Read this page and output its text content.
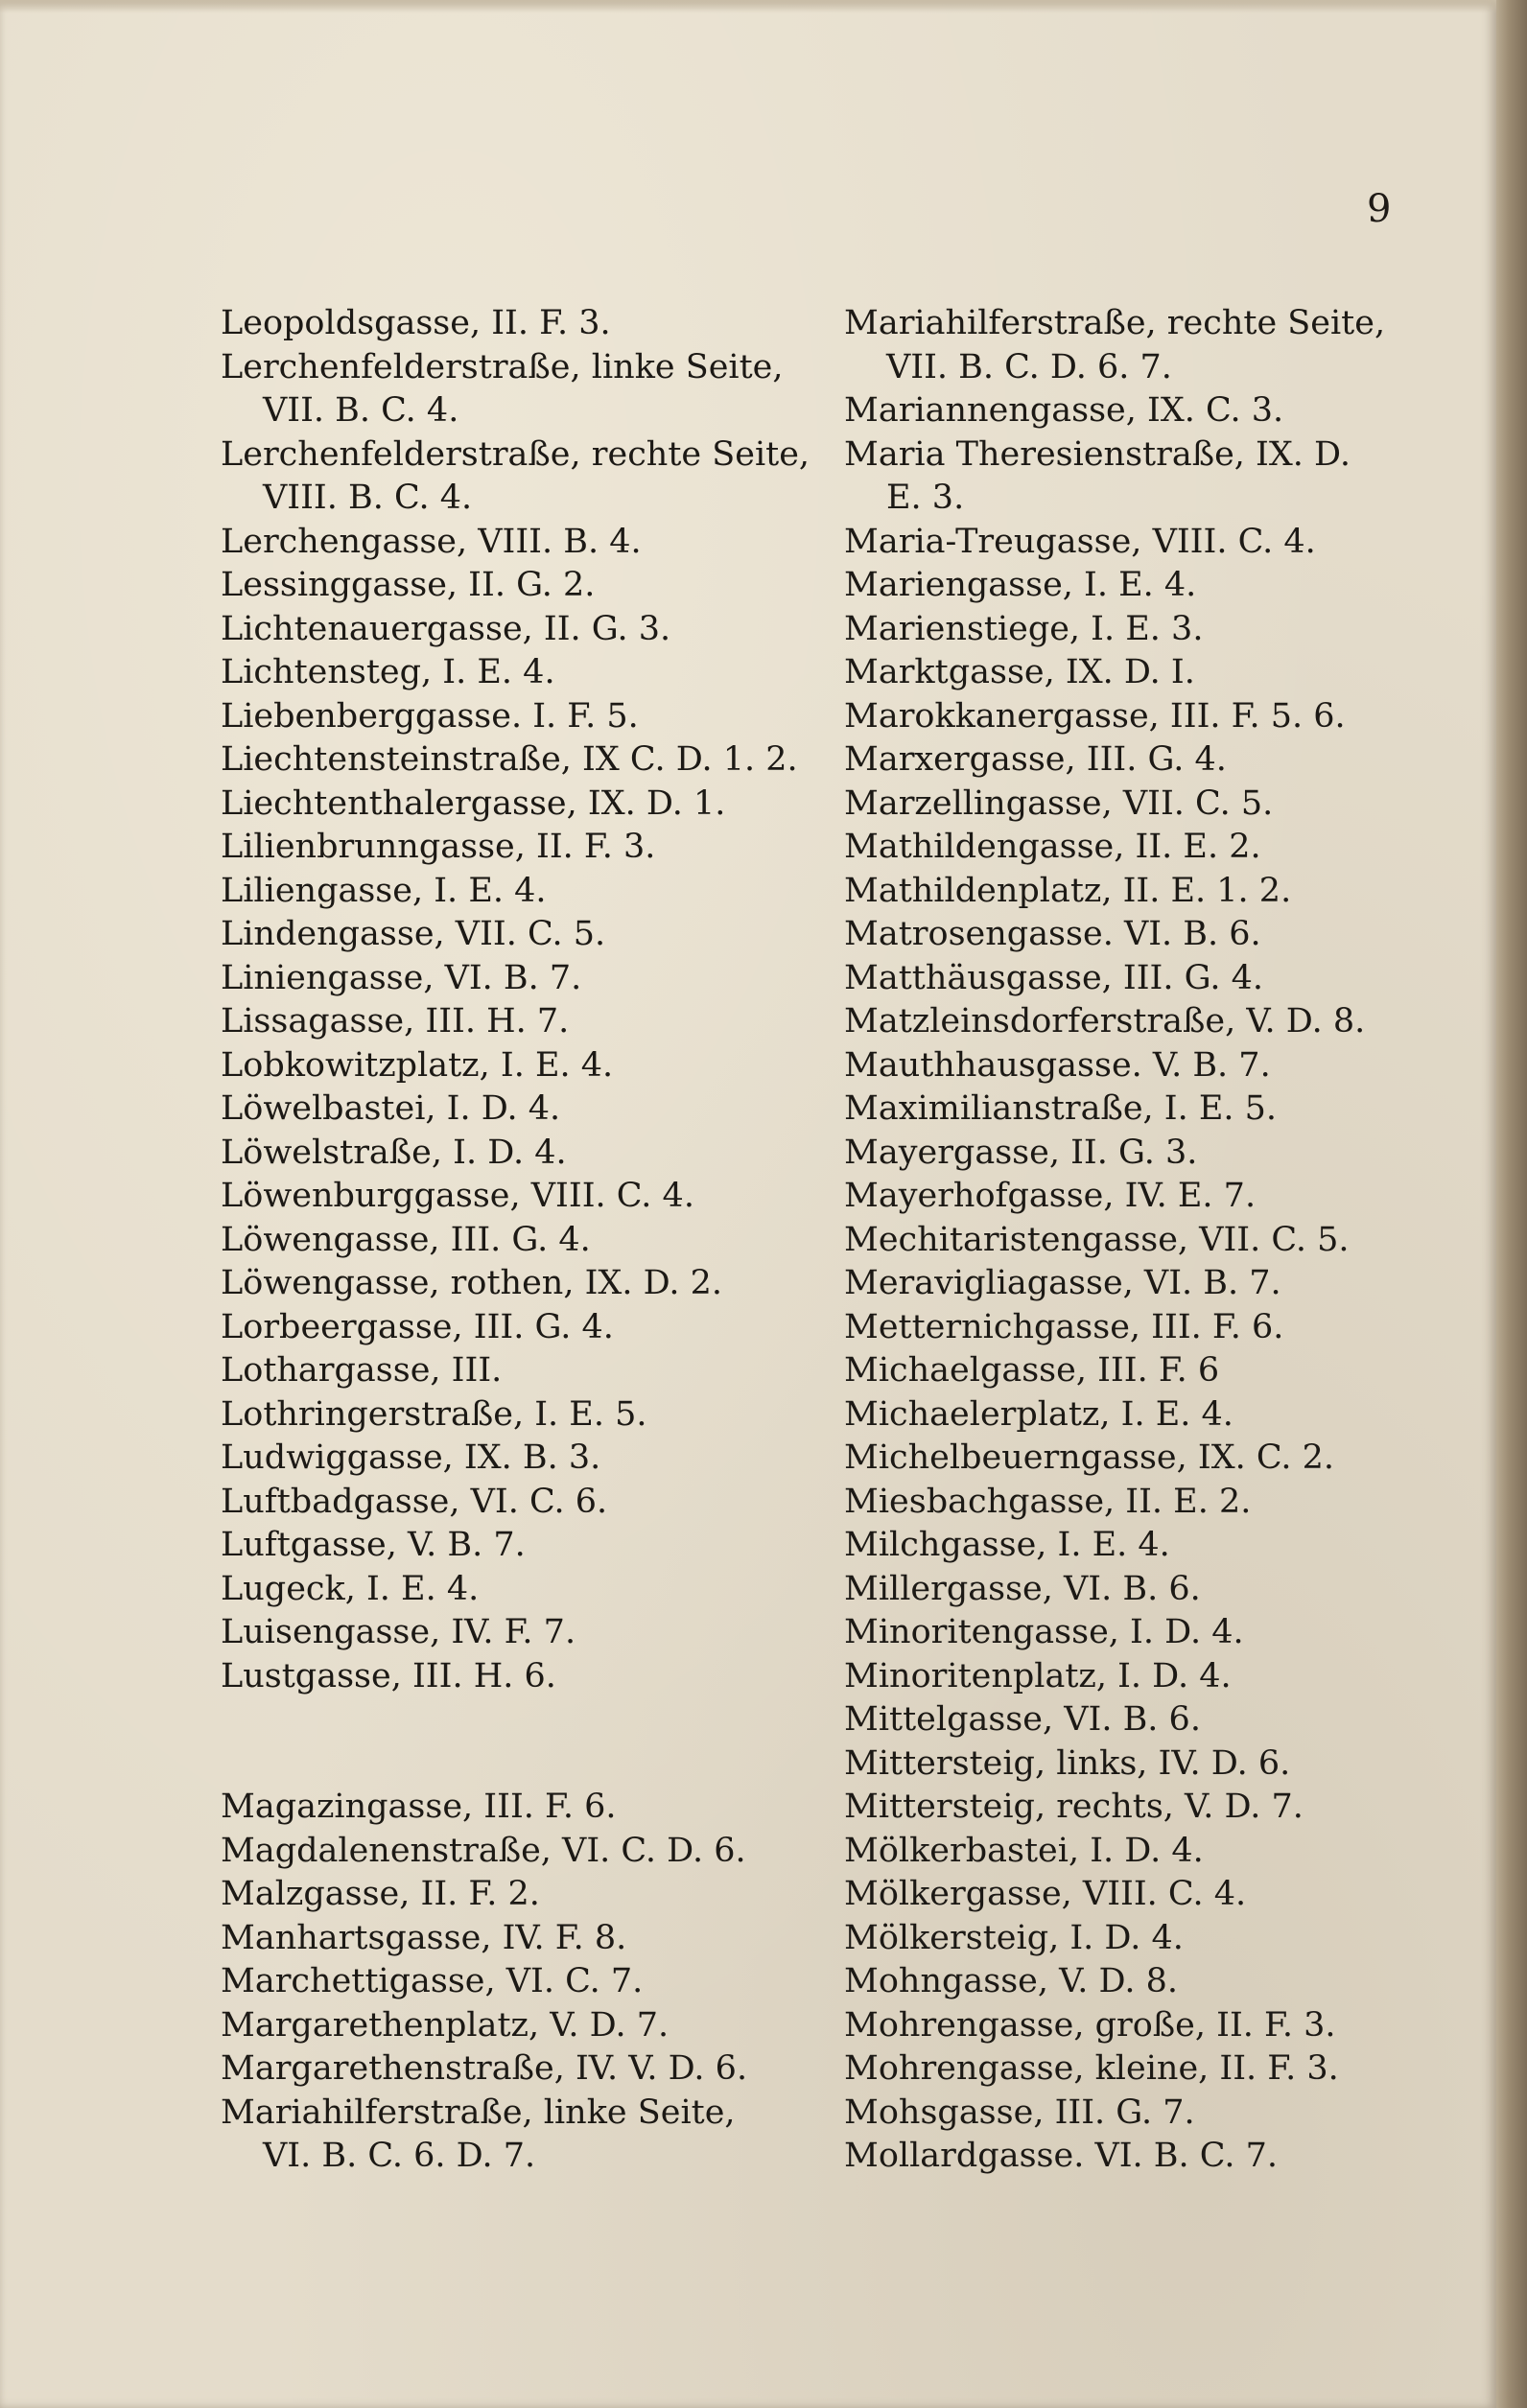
9
Leopoldsgasse, II. F. 3.
Lerchenfelderstraße, linke Seite,
VII. B. C. 4.
Lerchenfelderstraße, rechte Seite,
VIII. B. C. 4.
Lerchengasse, VIII. B. 4.
Lessinggasse, II. G. 2.
Lichtenauergasse, II. G. 3.
Lichtensteg, I. E. 4.
Liebenberggasse. I. F. 5.
Liechtensteinstraße, IX C. D. 1. 2.
Liechtenthalergasse, IX. D. 1.
Lilienbrunngasse, II. F. 3.
Liliengasse, I. E. 4.
Lindengasse, VII. C. 5.
Liniengasse, VI. B. 7.
Lissagasse, III. H. 7.
Lobkowitzplatz, I. E. 4.
Löwelbastei, I. D. 4.
Löwelstraße, I. D. 4.
Löwenburggasse, VIII. C. 4.
Löwengasse, III. G. 4.
Löwengasse, rothen, IX. D. 2.
Lorbeergasse, III. G. 4.
Lothargasse, III.
Lothringerstraße, I. E. 5.
Ludwiggasse, IX. B. 3.
Luftbadgasse, VI. C. 6.
Luftgasse, V. B. 7.
Lugeck, I. E. 4.
Luisengasse, IV. F. 7.
Lustgasse, III. H. 6.
Magazingasse, III. F. 6.
Magdalenenstraße, VI. C. D. 6.
Malzgasse, II. F. 2.
Manhartsgasse, IV. F. 8.
Marchettigasse, VI. C. 7.
Margarethenplatz, V. D. 7.
Margarethenstraße, IV. V. D. 6.
Mariahilferstraße, linke Seite,
VI. B. C. 6. D. 7.
Mariahilferstraße, rechte Seite,
VII. B. C. D. 6. 7.
Mariannengasse, IX. C. 3.
Maria Theresienstraße, IX. D.
E. 3.
Maria-Treugasse, VIII. C. 4.
Mariengasse, I. E. 4.
Marienstiege, I. E. 3.
Marktgasse, IX. D. I.
Marokkanergasse, III. F. 5. 6.
Marxergasse, III. G. 4.
Marzellingasse, VII. C. 5.
Mathildengasse, II. E. 2.
Mathildenplatz, II. E. 1. 2.
Matrosengasse. VI. B. 6.
Matthäusgasse, III. G. 4.
Matzleinsdorferstraße, V. D. 8.
Mauthhausgasse. V. B. 7.
Maximilianstraße, I. E. 5.
Mayergasse, II. G. 3.
Mayerhofgasse, IV. E. 7.
Mechitaristengasse, VII. C. 5.
Meravigliagasse, VI. B. 7.
Metternichgasse, III. F. 6.
Michaelgasse, III. F. 6
Michaelerplatz, I. E. 4.
Michelbeuerngasse, IX. C. 2.
Miesbachgasse, II. E. 2.
Milchgasse, I. E. 4.
Millergasse, VI. B. 6.
Minoritengasse, I. D. 4.
Minoritenplatz, I. D. 4.
Mittelgasse, VI. B. 6.
Mittersteig, links, IV. D. 6.
Mittersteig, rechts, V. D. 7.
Mölkerbastei, I. D. 4.
Mölkergasse, VIII. C. 4.
Mölkersteig, I. D. 4.
Mohngasse, V. D. 8.
Mohrengasse, große, II. F. 3.
Mohrengasse, kleine, II. F. 3.
Mohsgasse, III. G. 7.
Mollardgasse. VI. B. C. 7.
